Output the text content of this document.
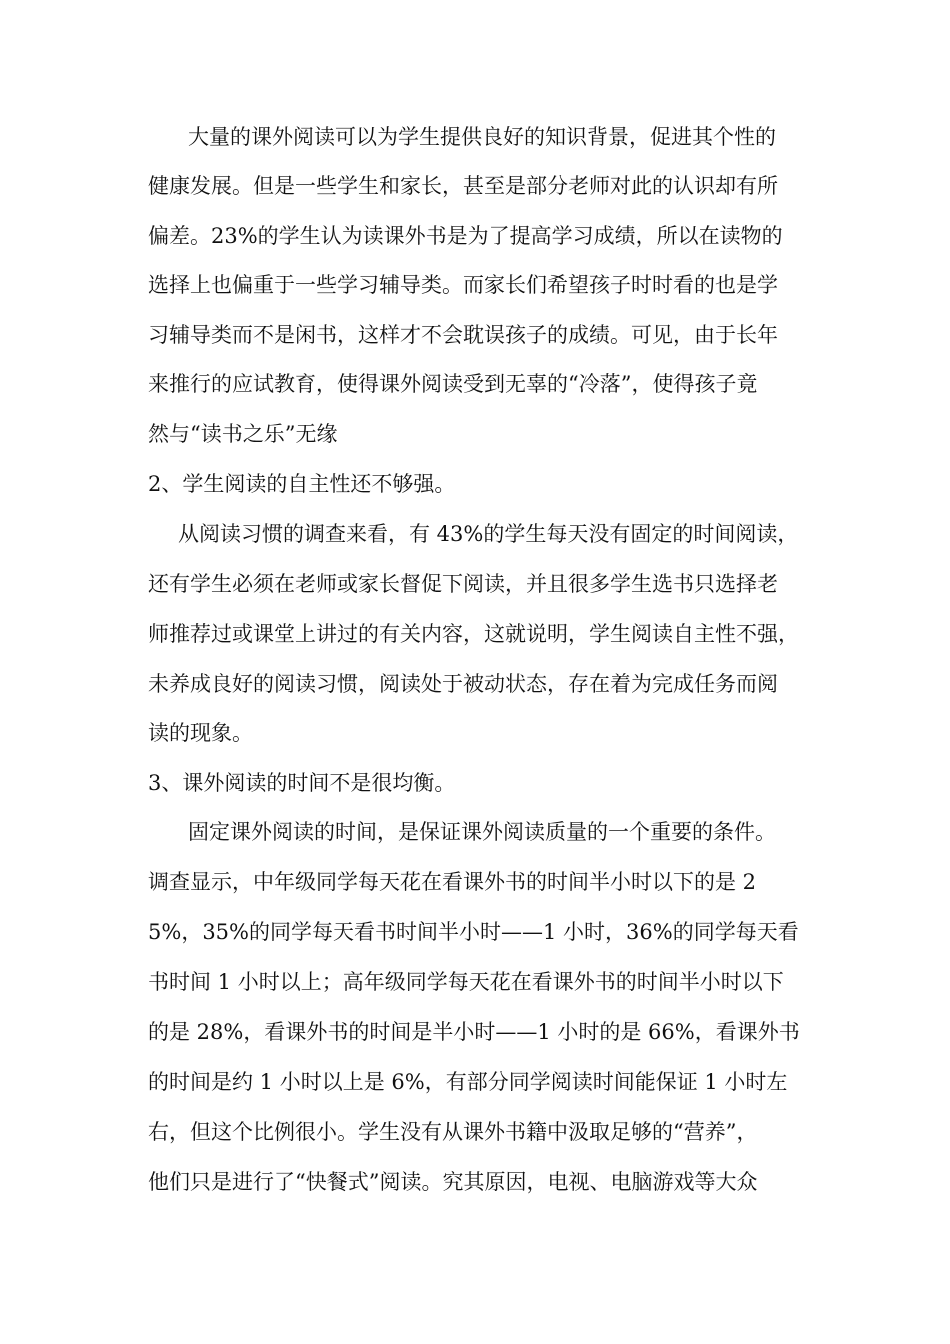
大量的课外阅读可以为学生提供良好的知识背景，促进其个性的
健康发展。但是一些学生和家长，甚至是部分老师对此的认识却有所
偏差。23%的学生认为读课外书是为了提高学习成绩，所以在读物的
选择上也偏重于一些学习辅导类。而家长们希望孩子时时看的也是学
习辅导类而不是闲书，这样才不会耽误孩子的成绩。可见，由于长年
来推行的应试教育，使得课外阅读受到无辜的“冷落”，使得孩子竟
然与“读书之乐”无缘
2、学生阅读的自主性还不够强。
从阅读习惯的调查来看，有 43%的学生每天没有固定的时间阅读，
还有学生必须在老师或家长督促下阅读，并且很多学生选书只选择老
师推荐过或课堂上讲过的有关内容，这就说明，学生阅读自主性不强，
未养成良好的阅读习惯，阅读处于被动状态，存在着为完成任务而阅
读的现象。
3、课外阅读的时间不是很均衡。
固定课外阅读的时间，是保证课外阅读质量的一个重要的条件。
调查显示，中年级同学每天花在看课外书的时间半小时以下的是 2
5%，35%的同学每天看书时间半小时——1 小时，36%的同学每天看
书时间 1 小时以上；高年级同学每天花在看课外书的时间半小时以下
的是 28%，看课外书的时间是半小时——1 小时的是 66%，看课外书
的时间是约 1 小时以上是 6%，有部分同学阅读时间能保证 1 小时左
右，但这个比例很小。学生没有从课外书籍中汲取足够的“营养”，
他们只是进行了“快餐式”阅读。究其原因，电视、电脑游戏等大众
